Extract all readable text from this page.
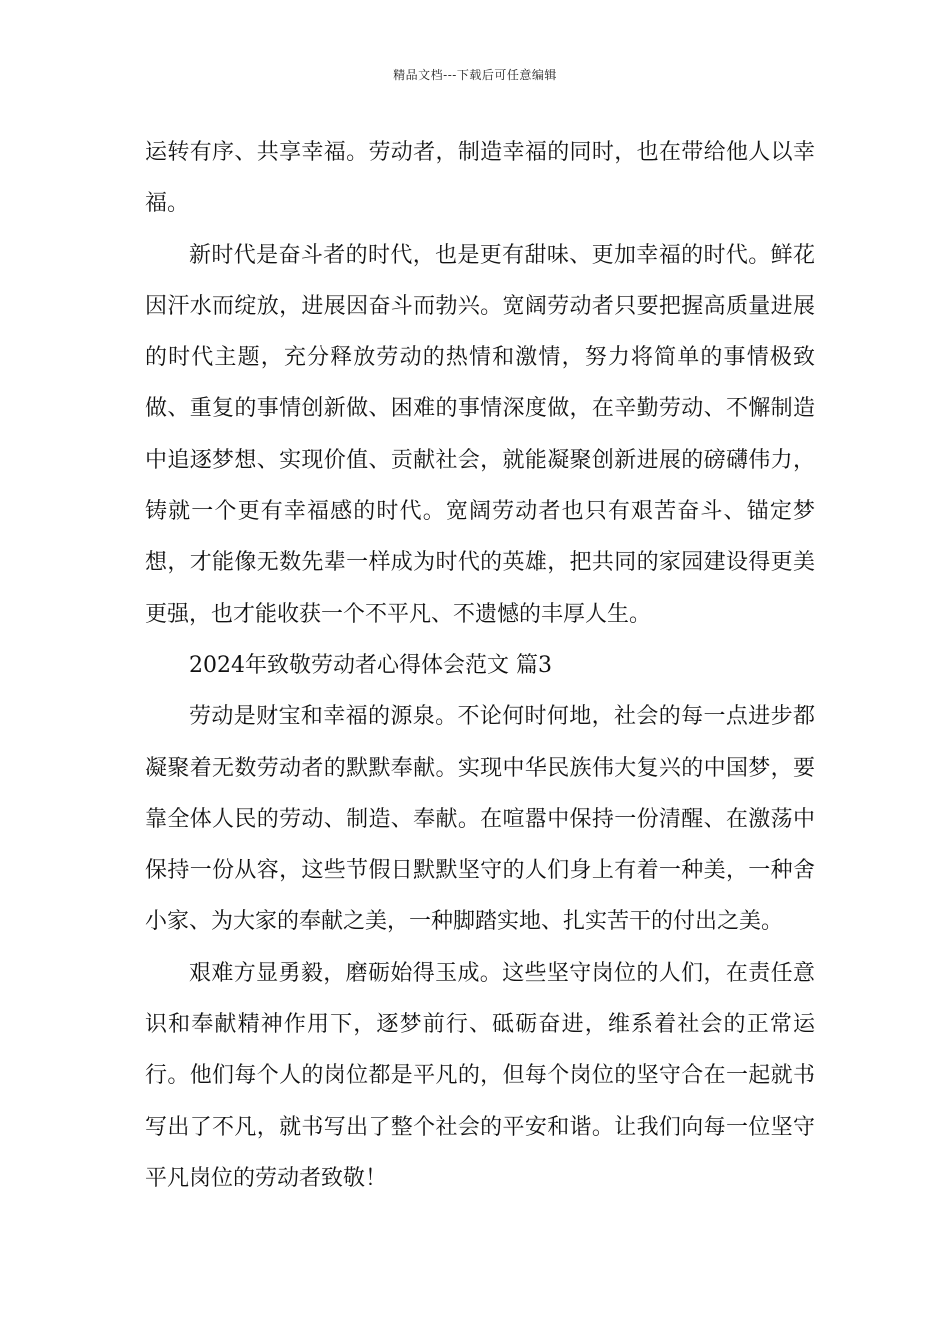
精品文档---下载后可任意编辑

运转有序、共享幸福。劳动者，制造幸福的同时，也在带给他人以幸福。

新时代是奋斗者的时代，也是更有甜味、更加幸福的时代。鲜花因汗水而绽放，进展因奋斗而勃兴。宽阔劳动者只要把握高质量进展的时代主题，充分释放劳动的热情和激情，努力将简单的事情极致做、重复的事情创新做、困难的事情深度做，在辛勤劳动、不懈制造中追逐梦想、实现价值、贡献社会，就能凝聚创新进展的磅礴伟力，铸就一个更有幸福感的时代。宽阔劳动者也只有艰苦奋斗、锚定梦想，才能像无数先辈一样成为时代的英雄，把共同的家园建设得更美更强，也才能收获一个不平凡、不遗憾的丰厚人生。

2024年致敬劳动者心得体会范文 篇3

劳动是财宝和幸福的源泉。不论何时何地，社会的每一点进步都凝聚着无数劳动者的默默奉献。实现中华民族伟大复兴的中国梦，要靠全体人民的劳动、制造、奉献。在喧嚣中保持一份清醒、在激荡中保持一份从容，这些节假日默默坚守的人们身上有着一种美，一种舍小家、为大家的奉献之美，一种脚踏实地、扎实苦干的付出之美。

艰难方显勇毅，磨砺始得玉成。这些坚守岗位的人们，在责任意识和奉献精神作用下，逐梦前行、砥砺奋进，维系着社会的正常运行。他们每个人的岗位都是平凡的，但每个岗位的坚守合在一起就书写出了不凡，就书写出了整个社会的平安和谐。让我们向每一位坚守平凡岗位的劳动者致敬！
